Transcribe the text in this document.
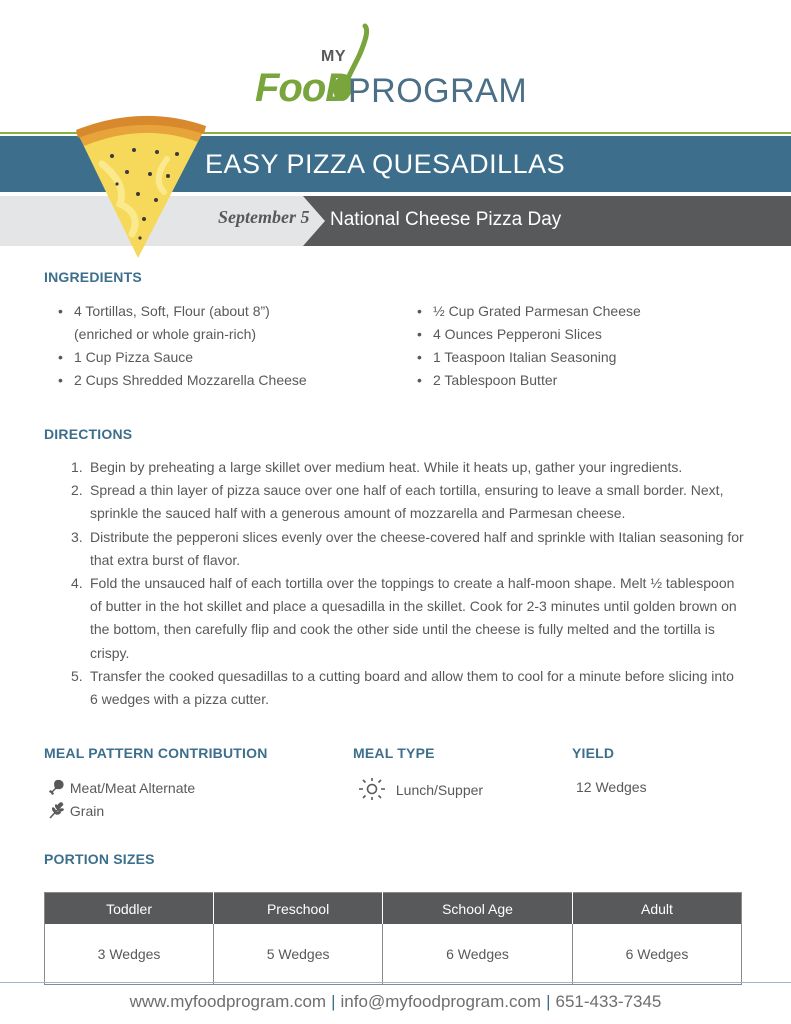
MY
FooD
PROGRAM
EASY PIZZA QUESADILLAS
September 5 National Cheese Pizza Day
INGREDIENTS
• 4 Tortillas, Soft, Flour (about 8”)
(enriched or whole grain-rich)
• 1 Cup Pizza Sauce
• 2 Cups Shredded Mozzarella Cheese
• ½ Cup Grated Parmesan Cheese
• 4 Ounces Pepperoni Slices
• 1 Teaspoon Italian Seasoning
• 2 Tablespoon Butter
DIRECTIONS
1. Begin by preheating a large skillet over medium heat. While it heats up, gather your ingredients.
2. Spread a thin layer of pizza sauce over one half of each tortilla, ensuring to leave a small border. Next, sprinkle the sauced half with a generous amount of mozzarella and Parmesan cheese.
3. Distribute the pepperoni slices evenly over the cheese-covered half and sprinkle with Italian seasoning for that extra burst of flavor.
4. Fold the unsauced half of each tortilla over the toppings to create a half-moon shape. Melt ½ tablespoon of butter in the hot skillet and place a quesadilla in the skillet. Cook for 2-3 minutes until golden brown on the bottom, then carefully flip and cook the other side until the cheese is fully melted and the tortilla is crispy.
5. Transfer the cooked quesadillas to a cutting board and allow them to cool for a minute before slicing into 6 wedges with a pizza cutter.
MEAL PATTERN CONTRIBUTION
Meat/Meat Alternate
Grain
MEAL TYPE
Lunch/Supper
YIELD
12 Wedges
PORTION SIZES
Toddler	Preschool	School Age	Adult
3 Wedges	5 Wedges	6 Wedges	6 Wedges
www.myfoodprogram.com | info@myfoodprogram.com | 651-433-7345
